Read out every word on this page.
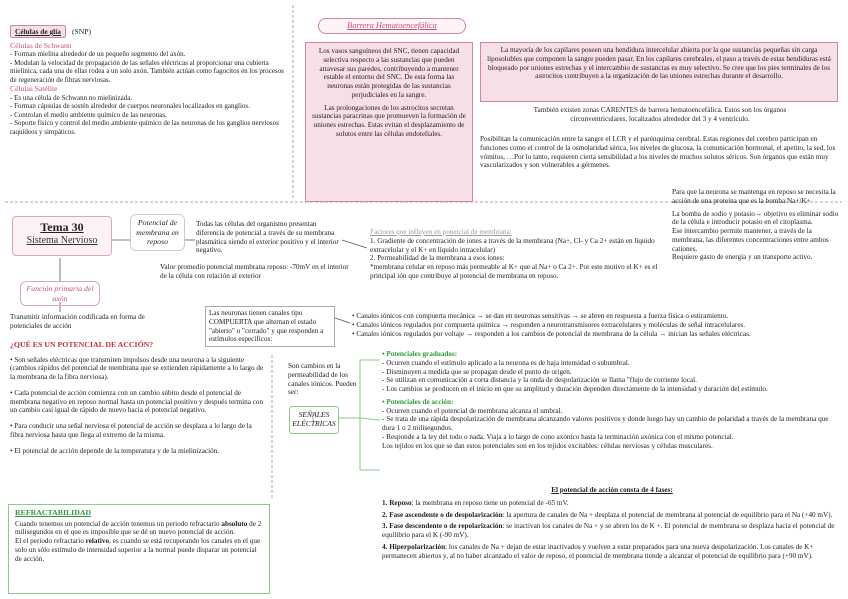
Células de glía	(SNP)

Células de Schwann

- Forman mielina alrededor de un pequeño segmento del axón.

- Modulan la velocidad de propagación de las señales eléctricas al proporcionar una cubierta mielínica, cada una de ellas rodea a un solo axón. También actúan como fagocitos en los procesos de regeneración de fibras nerviosas.

Células Satélite

- Es una célula de Schwann no mielinizada.

- Forman cápsulas de sostén alrededor de cuerpos neuronales localizados en ganglios.

- Controlan el medio ambiente químico de las neuronas.

- Soporte físico y control del medio ambiente químico de las neuronas de los ganglios nerviosos raquídeos y simpáticos.

Barrera Hematoencefálica

Los vasos sanguíneos del SNC, tienen capacidad selectiva respecto a las sustancias que pueden atravesar sus paredes, contribuyendo a mantener estable el entorno del SNC. De esta forma las neuronas están protegidas de las sustancias perjudiciales en la sangre.

Las prolongaciones de los astrocitos secretan sustancias paracrinas que promueven la formación de uniones estrechas. Estas evitan el desplazamiento de solutos entre las células endoteliales.

La mayoría de los capilares poseen una hendidura intercelular abierta por la que sustancias pequeñas sin carga liposolubles que componen la sangre pueden pasar. En los capilares cerebrales, el paso a través de estas hendiduras está bloqueado por uniones estrechas y el intercambio de sustancias es muy selectivo. Se cree que los pies terminales de los astrocitos contribuyen a la organización de las uniones estrechas durante el desarrollo.

También existen zonas CARENTES de barrera hematoencefálica. Estos son los órganos circunventriculares, localizados alrededor del 3 y 4 ventrículo.
Posibilitan la comunicación entre la sangre el LCR y el parénquima cerebral. Estas regiones del cerebro participan en funciones como el control de la osmolaridad sérica, los niveles de glucosa, la comunicación hormonal, el apetito, la sed, los vómitos, …Por lo tanto, requieren cierta sensibilidad a los niveles de muchos solutos séricos. Son órganos que están muy vascularizados y son vulnerables a gérmenes.

Tema 30

Sistema Nervioso

Potencial de membrana en reposo
Función primaria del axón
Transmitir información codificada en forma de potenciales de acción
Todas las células del organismo presentan diferencia de potencial a través de su membrana plasmática siendo el exterior positivo y el interior negativo.
Valor promedio potencial membrana reposo: -70mV en el interior de la célula con relación al exterior

Factores que influyen en potencial de membrana:

1. Gradiente de concentración de iones a través de la membrana (Na+, Cl- y Ca 2+ están en líquido extracelular y el K+ en líquido intracelular)

2. Permeabilidad de la membrana a esos iones:

*membrana celular en reposo más permeable al K+ que al Na+ o Ca 2+. Por este motivo el K+ es el principal ión que contribuye al potencial de membrana en reposo.

Para que la neurona se mantenga en reposo se necesita la acción de una proteína que es la bomba Na+/K+

La bomba de sodio y potasio→ objetivo es eliminar sodio de la célula e introducir potasio en el citoplasma.

Ese intercambio permite mantener, a través de la membrana, las diferentes concentraciones entre ambos cationes.

Requiere gasto de energía y un transporte activo.

Las neuronas tienen canales tipo COMPUERTA que alternan el estado "abierto" o "cerrado" y que responden a estímulos específicos:

• Canales iónicos con compuerta mecánica → se dan en neuronas sensitivas → se abren en respuesta a fuerza física o estiramiento.

• Canales iónicos regulados por compuerta química → responden a neurotransmisores extracelulares y moléculas de señal intracelulares.

• Canales iónicos regulados por voltaje → responden a los cambios de potencial de membrana de la célula → inician las señales eléctricas.

¿QUÉ ES UN POTENCIAL DE ACCIÓN?

• Son señales eléctricas que transmiten impulsos desde una neurona a la siguiente (cambios rápidos del potencial de membrana que se extienden rápidamente a lo largo de la membrana de la fibra nerviosa).

• Cada potencial de acción comienza con un cambio súbito desde el potencial de membrana negativo en reposo normal hasta un potencial positivo y después termina con un cambio casi igual de rápido de nuevo hacia el potencial negativo.

• Para conducir una señal nerviosa el potencial de acción se desplaza a lo largo de la fibra nerviosa hasta que llega al extremo de la misma.

• El potencial de acción depende de la temperatura y de la mielinización.

REFRACTABILIDAD

Cuando tenemos un potencial de acción tenemos un periodo refractario absoluto de 2 milisegundos en el que es imposible que se dé un nuevo potencial de acción.

El el periodo refractario relativo, es cuando se está recuperando los canales en el que solo un sólo estímulo de intensidad superior a la normal puede disparar un potencial de acción.

Son cambios en la permeabilidad de los canales iónicos. Pueden ser:
SEÑALES ELÉCTRICAS

• Potenciales graduados:

- Ocurren cuando el estímulo aplicado a la neurona es de baja intensidad o subumbral.

- Disminuyen a medida que se propagan desde el punto de origen.

- Se utilizan en comunicación a corta distancia y la onda de despolarización se llama "flujo de corriente local.

- Los cambios se producen en el inicio en que su amplitud y duración dependen directamente de la intensidad y duración del estímulo.

• Potenciales de acción:

- Ocurren cuando el potencial de membrana alcanza el umbral.

- Se trata de una rápida despolarización de membrana alcanzando valores positivos y donde luego hay un cambio de polaridad a través de la membrana que dura 1 o 2 milisegundos.

- Responde a la ley del todo o nada. Viaja a lo largo de cono axónico hasta la terminación axónica con el mismo potencial.

Los tejidos en los que se dan estos potenciales son en los tejidos excitables: células nerviosas y células musculares.

El potencial de acción consta de 4 fases:

1. Reposo: la membrana en reposo tiene un potencial de -65 mV.

2. Fase ascendente o de despolarización: la apertura de canales de Na + desplaza el potencial de membrana al potencial de equilibrio para el Na (+40 mV).

3. Fase descendente o de repolarización: se inactivan los canales de Na + y se abren los de K +. El potencial de membrana se desplaza hacia el potencial de equilibrio para el K (-90 mV).

4. Hiperpolarización: los canales de Na + dejan de estar inactivados y vuelven a estar preparados para una nueva despolarización. Los canales de K+ permanecen abiertos y, al no haber alcanzado el valor de reposo, el potencial de membrana tiende a alcanzar el potencial de equilibrio para (+90 mV).
